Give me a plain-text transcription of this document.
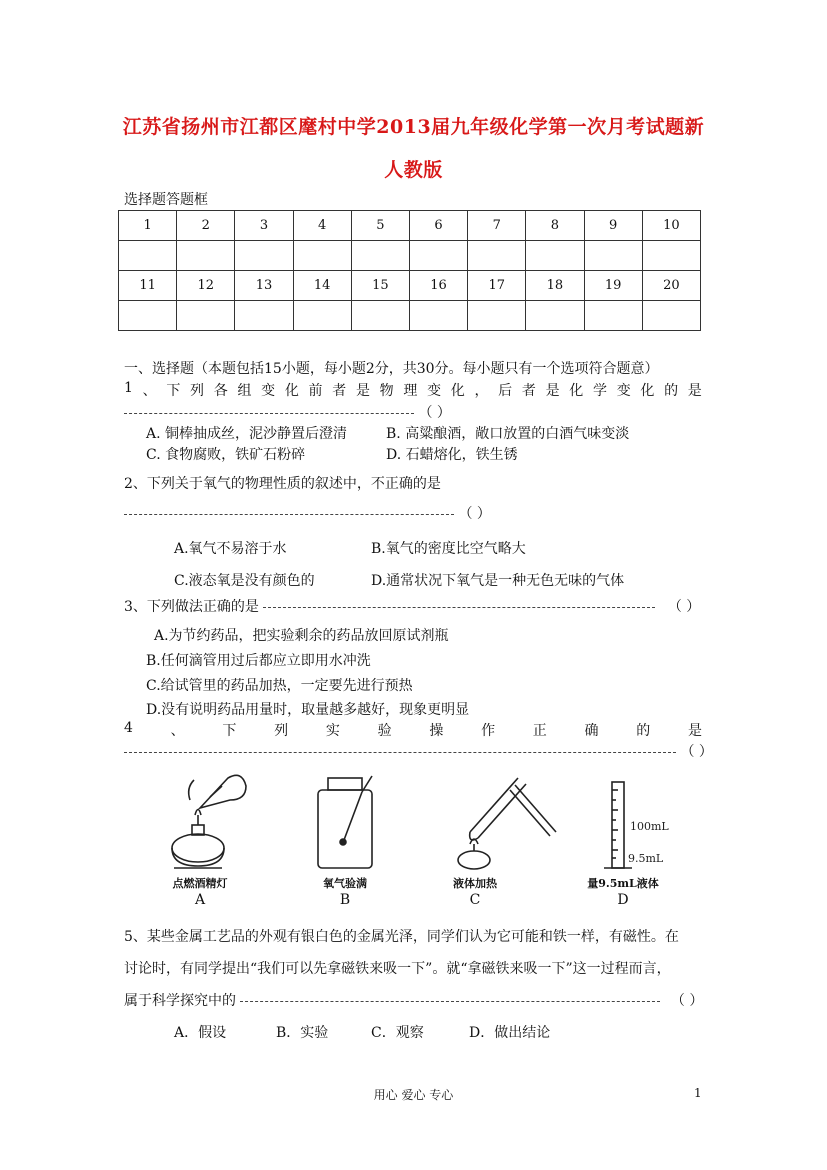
江苏省扬州市江都区麾村中学2013届九年级化学第一次月考试题新
人教版
选择题答题框
1	2	3	4	5	6	7	8	9	10

11	12	13	14	15	16	17	18	19	20

一、选择题（本题包括15小题，每小题2分，共30分。每小题只有一个选项符合题意）
1 、 下 列 各 组 变 化 前 者 是 物 理 变 化 ， 后 者 是 化 学 变 化 的 是
（ ）
A. 铜棒抽成丝，泥沙静置后澄清	B. 高粱酿酒，敞口放置的白酒气味变淡
C. 食物腐败，铁矿石粉碎	D. 石蜡熔化，铁生锈
2、下列关于氧气的物理性质的叙述中，不正确的是
（ ）
A.氧气不易溶于水	B.氧气的密度比空气略大
C.液态氧是没有颜色的	D.通常状况下氧气是一种无色无味的气体
3、下列做法正确的是	（ ）
A.为节约药品，把实验剩余的药品放回原试剂瓶
B.任何滴管用过后都应立即用水冲洗
C.给试管里的药品加热，一定要先进行预热
D.没有说明药品用量时，取量越多越好，现象更明显
4	、	下	列	实	验	操	作	正	确	的	是
（ ）
100mL
9.5mL
点燃酒精灯	氧气验满	液体加热	量9.5mL液体
A	B	C	D
5、某些金属工艺品的外观有银白色的金属光泽，同学们认为它可能和铁一样，有磁性。在
讨论时，有同学提出“我们可以先拿磁铁来吸一下”。就“拿磁铁来吸一下”这一过程而言，
属于科学探究中的	（ ）
A．假设	B．实验	C．观察	D．做出结论
用心 爱心 专心	1
